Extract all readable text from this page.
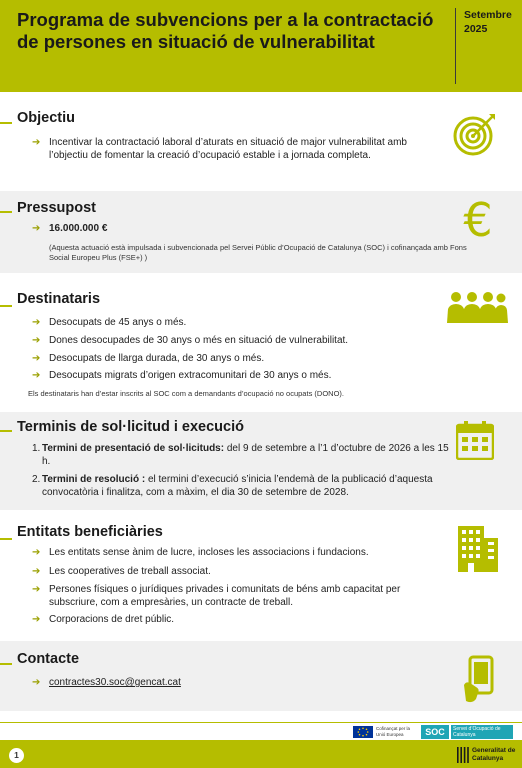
Programa de subvencions per a la contractació de persones en situació de vulnerabilitat
Setembre 2025
Objectiu
➔ Incentivar la contractació laboral d’aturats en situació de major vulnerabilitat amb l’objectiu de fomentar la creació d’ocupació estable i a jornada completa.
Pressupost
➔ 16.000.000 €
(Aquesta actuació està impulsada i subvencionada pel Servei Públic d’Ocupació de Catalunya (SOC) i cofinançada amb Fons Social Europeu Plus (FSE+) )
€
Destinataris
➔ Desocupats de 45 anys o més.
➔ Dones desocupades de 30 anys o més en situació de vulnerabilitat.
➔ Desocupats de llarga durada, de 30 anys o més.
➔ Desocupats migrats d’origen extracomunitari de 30 anys o més.
Els destinataris han d’estar inscrits al SOC com a demandants d’ocupació no ocupats (DONO).
Terminis de sol·licitud i execució
1. Termini de presentació de sol·licituds: del 9 de setembre a l’1 d’octubre de 2026 a les 15 h.
2. Termini de resolució : el termini d’execució s’inicia l’endemà de la publicació d’aquesta convocatòria i finalitza, com a màxim, el dia 30 de setembre de 2028.
Entitats beneficiàries
➔ Les entitats sense ànim de lucre, incloses les associacions i fundacions.
➔ Les cooperatives de treball associat.
➔ Persones físiques o jurídiques privades i comunitats de béns amb capacitat per subscriure, com a empresàries, un contracte de treball.
➔ Corporacions de dret públic.
Contacte
➔ contractes30.soc@gencat.cat
Cofinançat per la Unió Europea	SOC	Servei d’Ocupació de Catalunya
1	Generalitat de Catalunya
